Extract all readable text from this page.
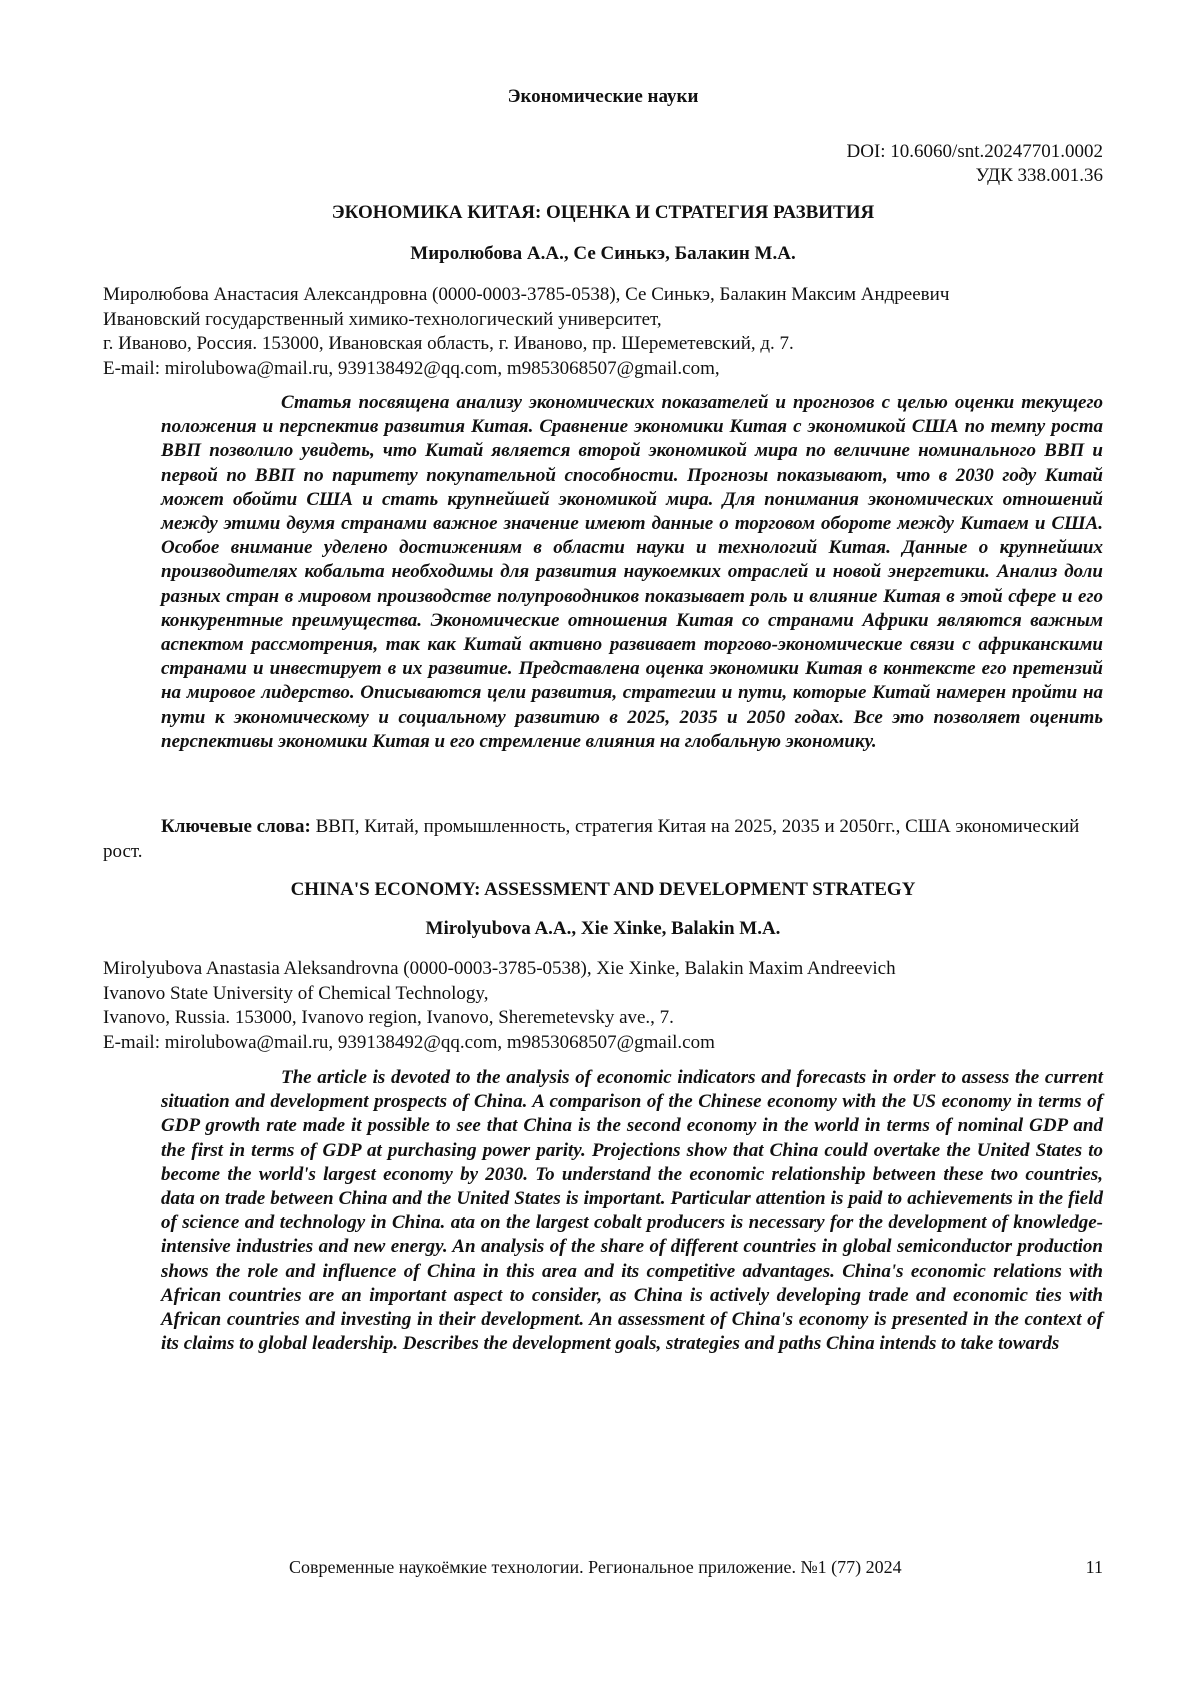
Экономические науки
DOI: 10.6060/snt.20247701.0002
УДК 338.001.36
ЭКОНОМИКА КИТАЯ: ОЦЕНКА И СТРАТЕГИЯ РАЗВИТИЯ
Миролюбова А.А., Се Синькэ, Балакин М.А.
Миролюбова Анастасия Александровна (0000-0003-3785-0538), Се Синькэ, Балакин Максим Андреевич
Ивановский государственный химико-технологический университет,
г. Иваново, Россия. 153000, Ивановская область, г. Иваново, пр. Шереметевский, д. 7.
E-mail: mirolubowa@mail.ru, 939138492@qq.com, m9853068507@gmail.com,

Статья посвящена анализу экономических показателей и прогнозов с целью оценки текущего положения и перспектив развития Китая. Сравнение экономики Китая с экономикой США по темпу роста ВВП позволило увидеть, что Китай является второй экономикой мира по величине номинального ВВП и первой по ВВП по паритету покупательной способности. Прогнозы показывают, что в 2030 году Китай может обойти США и стать крупнейшей экономикой мира. Для понимания экономических отношений между этими двумя странами важное значение имеют данные о торговом обороте между Китаем и США. Особое внимание уделено достижениям в области науки и технологий Китая. Данные о крупнейших производителях кобальта необходимы для развития наукоемких отраслей и новой энергетики. Анализ доли разных стран в мировом производстве полупроводников показывает роль и влияние Китая в этой сфере и его конкурентные преимущества. Экономические отношения Китая со странами Африки являются важным аспектом рассмотрения, так как Китай активно развивает торгово-экономические связи с африканскими странами и инвестирует в их развитие. Представлена оценка экономики Китая в контексте его претензий на мировое лидерство. Описываются цели развития, стратегии и пути, которые Китай намерен пройти на пути к экономическому и социальному развитию в 2025, 2035 и 2050 годах. Все это позволяет оценить перспективы экономики Китая и его стремление влияния на глобальную экономику.

Ключевые слова: ВВП, Китай, промышленность, стратегия Китая на 2025, 2035 и 2050гг., США экономический рост.

CHINA'S ECONOMY: ASSESSMENT AND DEVELOPMENT STRATEGY
Mirolyubova A.A., Xie Xinke, Balakin M.A.
Mirolyubova Anastasia Aleksandrovna (0000-0003-3785-0538), Xie Xinke, Balakin Maxim Andreevich
Ivanovo State University of Chemical Technology,
Ivanovo, Russia. 153000, Ivanovo region, Ivanovo, Sheremetevsky ave., 7.
E-mail: mirolubowa@mail.ru, 939138492@qq.com, m9853068507@gmail.com

The article is devoted to the analysis of economic indicators and forecasts in order to assess the current situation and development prospects of China. A comparison of the Chinese economy with the US economy in terms of GDP growth rate made it possible to see that China is the second economy in the world in terms of nominal GDP and the first in terms of GDP at purchasing power parity. Projections show that China could overtake the United States to become the world's largest economy by 2030. To understand the economic relationship between these two countries, data on trade between China and the United States is important. Particular attention is paid to achievements in the field of science and technology in China. ata on the largest cobalt producers is necessary for the development of knowledge-intensive industries and new energy. An analysis of the share of different countries in global semiconductor production shows the role and influence of China in this area and its competitive advantages. China's economic relations with African countries are an important aspect to consider, as China is actively developing trade and economic ties with African countries and investing in their development. An assessment of China's economy is presented in the context of its claims to global leadership. Describes the development goals, strategies and paths China intends to take towards

Современные наукоёмкие технологии. Региональное приложение. №1 (77) 2024	11
